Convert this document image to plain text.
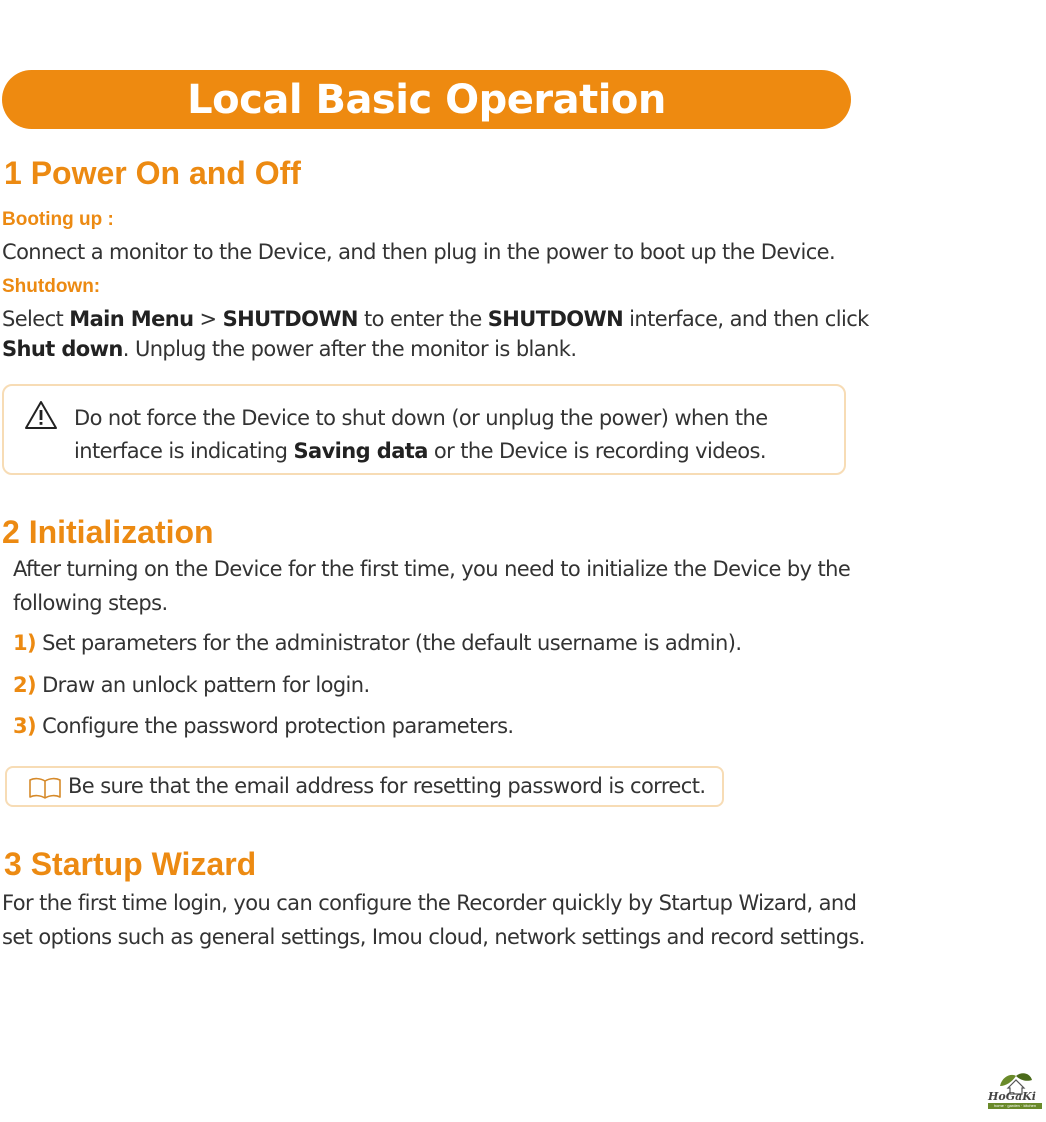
Local Basic Operation
1 Power On and Off
Booting up :
Connect a monitor to the Device, and then plug in the power to boot up the Device.
Shutdown:
Select Main Menu > SHUTDOWN to enter the SHUTDOWN interface, and then click
Shut down. Unplug the power after the monitor is blank.
Do not force the Device to shut down (or unplug the power) when the
interface is indicating Saving data or the Device is recording videos.
2 Initialization
After turning on the Device for the first time, you need to initialize the Device by the
following steps.
1) Set parameters for the administrator (the default username is admin).
2) Draw an unlock pattern for login.
3) Configure the password protection parameters.
Be sure that the email address for resetting password is correct.
3 Startup Wizard
For the first time login, you can configure the Recorder quickly by Startup Wizard, and
set options such as general settings, Imou cloud, network settings and record settings.
HoGaKi
home · garden · kitchen
